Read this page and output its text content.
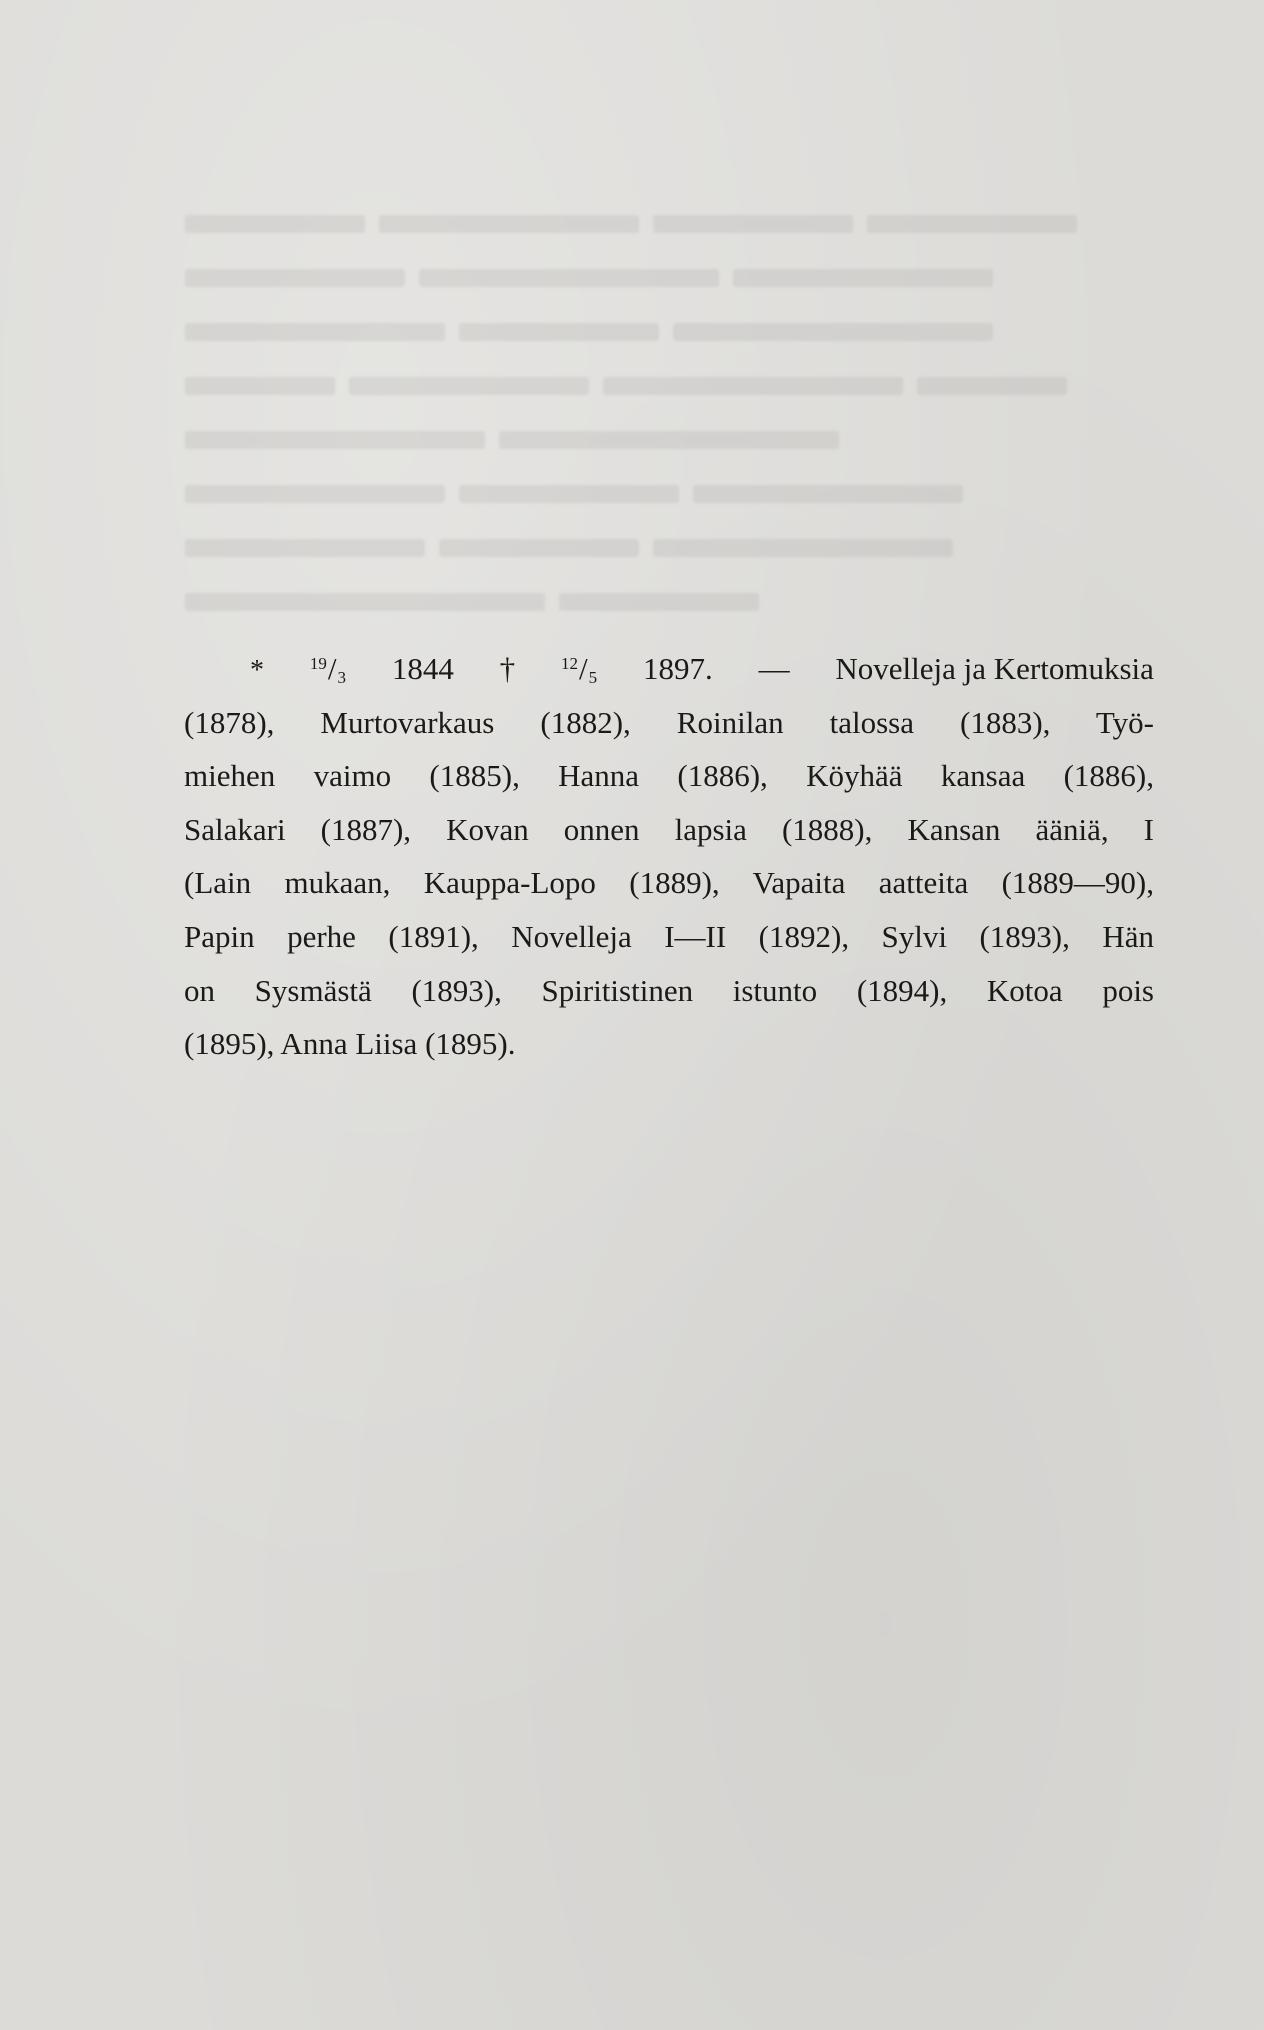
*	$^{19}/_3$ 1844 †	$^{12}/_5$ 1897. — Novelleja ja Kertomuksia
(1878), Murtovarkaus (1882), Roinilan talossa (1883), Työ-
miehen vaimo (1885), Hanna (1886), Köyhää kansaa (1886),
Salakari (1887), Kovan onnen lapsia (1888), Kansan ääniä, I
(Lain mukaan, Kauppa-Lopo (1889), Vapaita aatteita (1889—90),
Papin perhe (1891), Novelleja I—II (1892), Sylvi (1893), Hän
on Sysmästä (1893), Spiritistinen istunto (1894), Kotoa pois
(1895), Anna Liisa (1895).
